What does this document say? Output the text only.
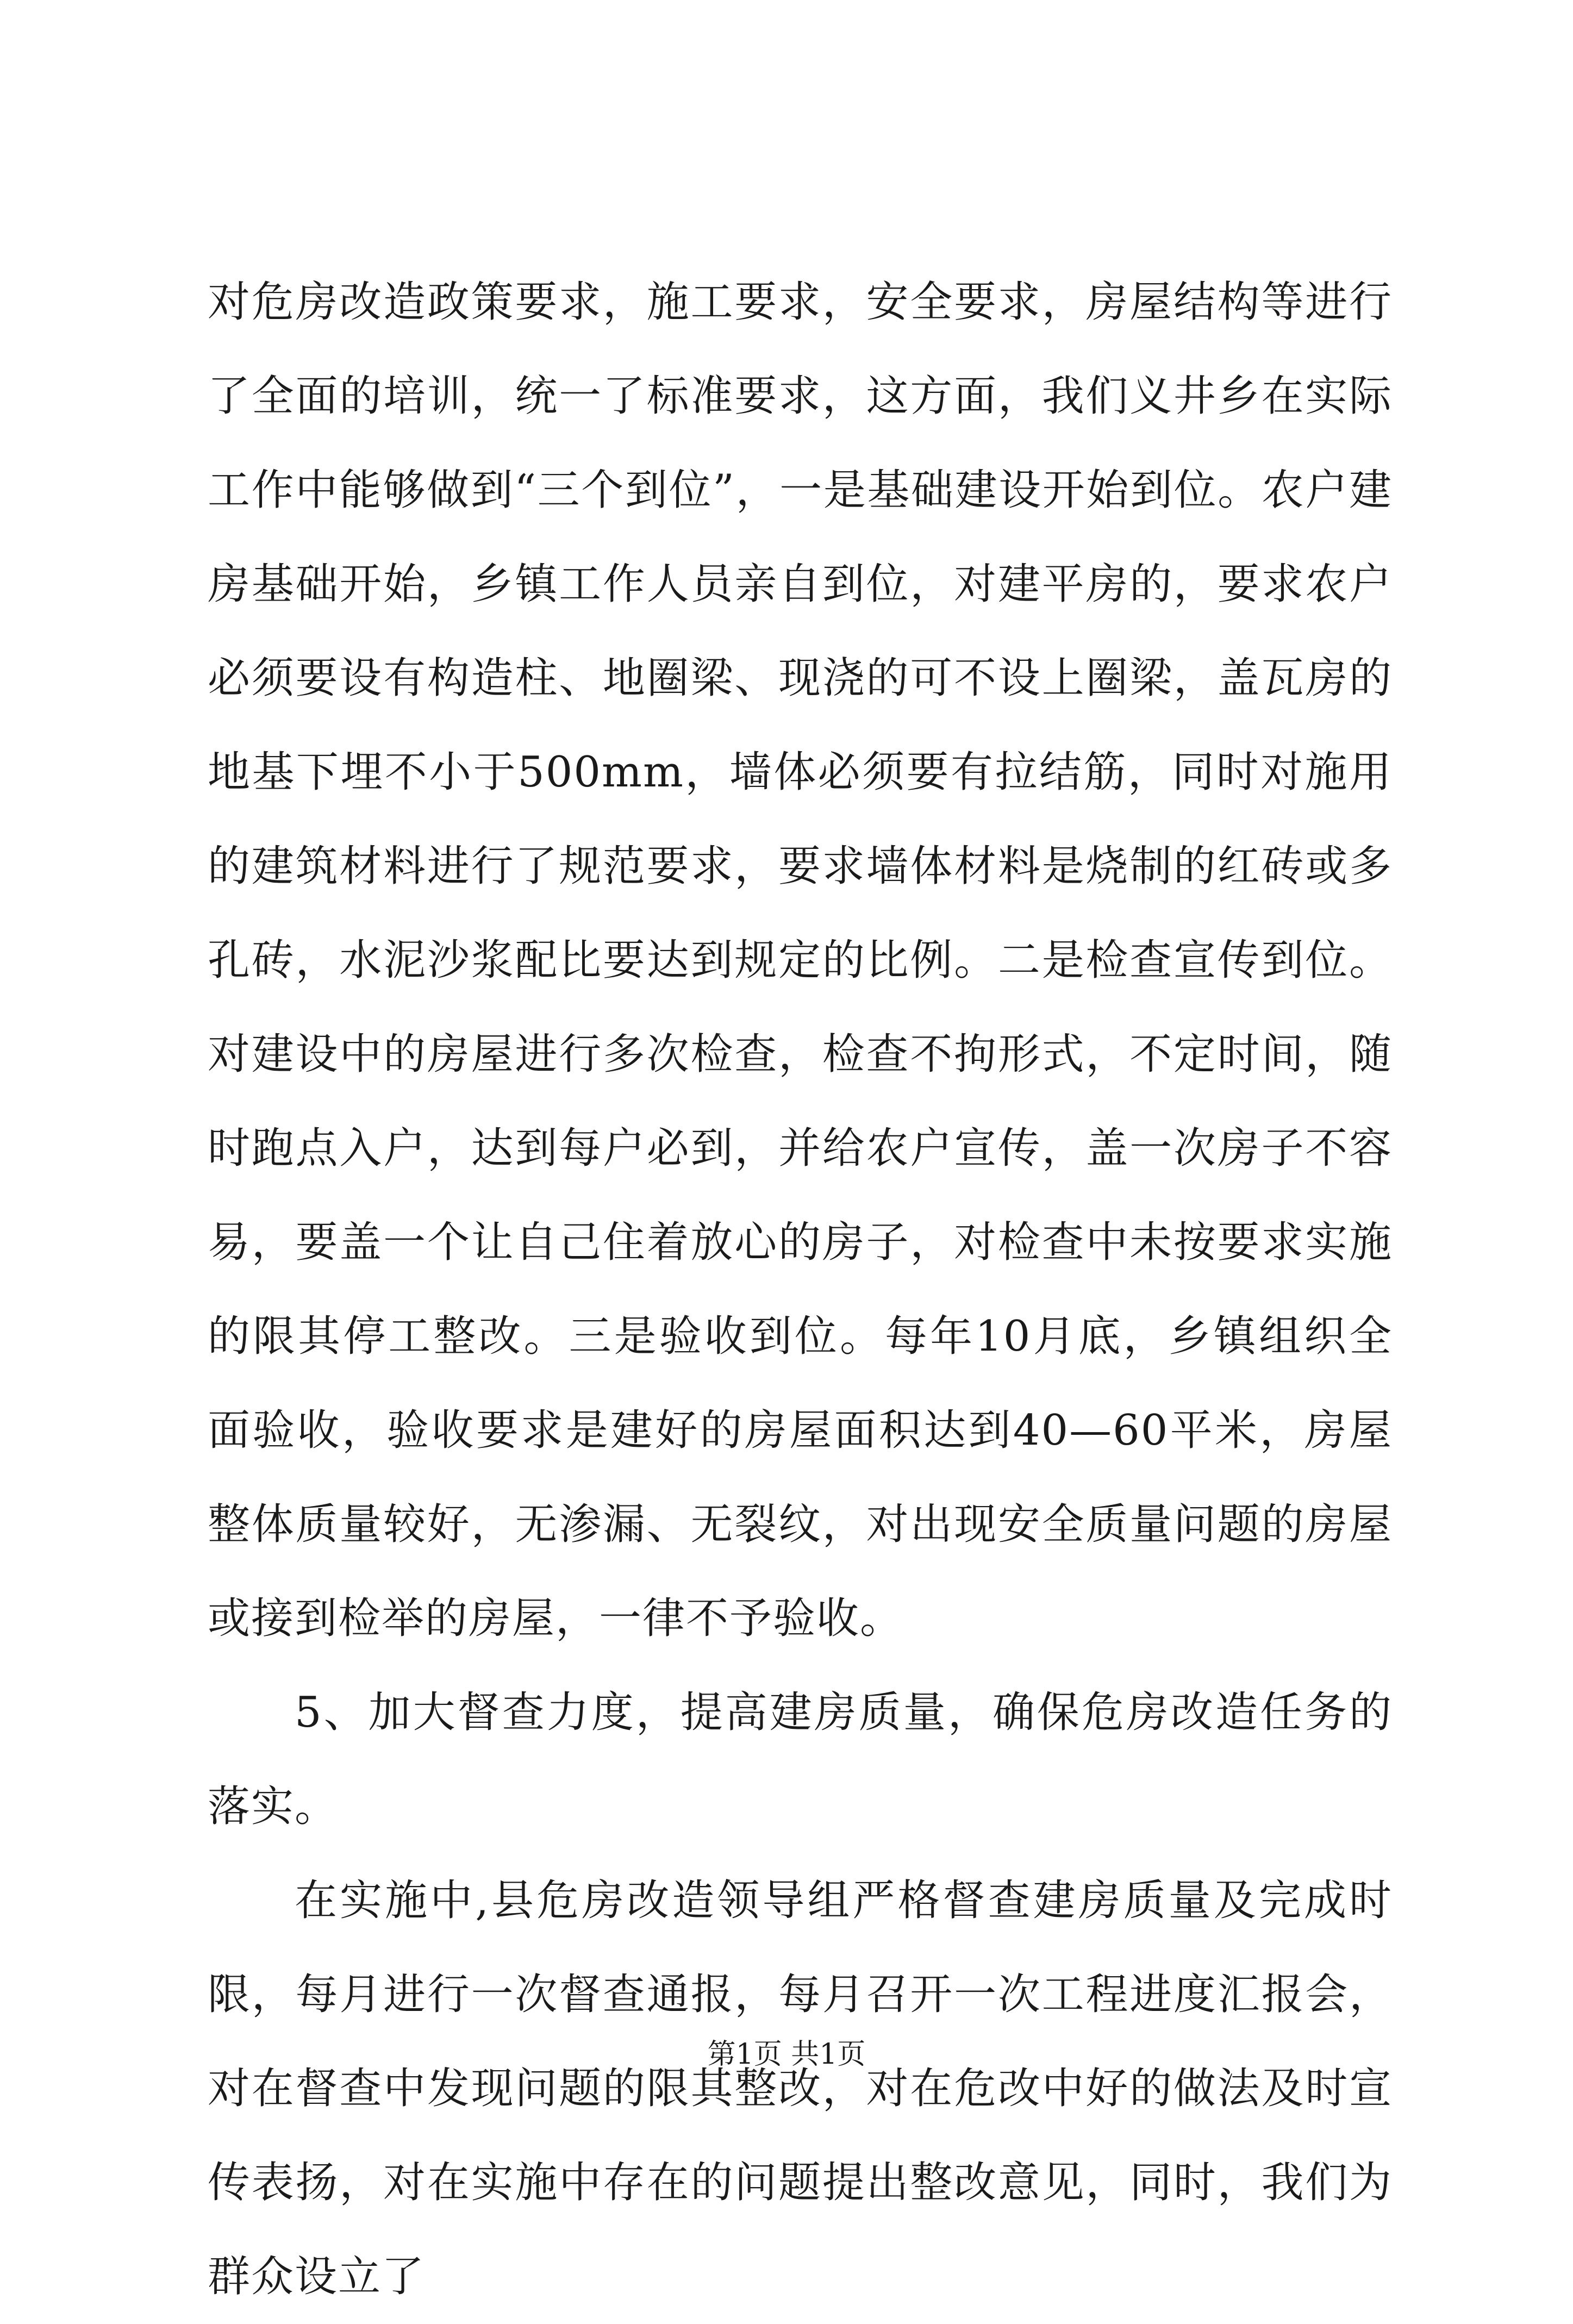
对危房改造政策要求，施工要求，安全要求，房屋结构等进行了全面的培训，统一了标准要求，这方面，我们义井乡在实际工作中能够做到“三个到位”，一是基础建设开始到位。农户建房基础开始，乡镇工作人员亲自到位，对建平房的，要求农户必须要设有构造柱、地圈梁、现浇的可不设上圈梁，盖瓦房的地基下埋不小于500mm，墙体必须要有拉结筋，同时对施用的建筑材料进行了规范要求，要求墙体材料是烧制的红砖或多孔砖，水泥沙浆配比要达到规定的比例。二是检查宣传到位。对建设中的房屋进行多次检查，检查不拘形式，不定时间，随时跑点入户，达到每户必到，并给农户宣传，盖一次房子不容易，要盖一个让自己住着放心的房子，对检查中未按要求实施的限其停工整改。三是验收到位。每年10月底，乡镇组织全面验收，验收要求是建好的房屋面积达到40—60平米，房屋整体质量较好，无渗漏、无裂纹，对出现安全质量问题的房屋或接到检举的房屋，一律不予验收。

5、加大督查力度，提高建房质量，确保危房改造任务的落实。

在实施中,县危房改造领导组严格督查建房质量及完成时限，每月进行一次督查通报，每月召开一次工程进度汇报会，对在督查中发现问题的限其整改，对在危改中好的做法及时宣传表扬，对在实施中存在的问题提出整改意见，同时，我们为群众设立了

第1页 共1页
